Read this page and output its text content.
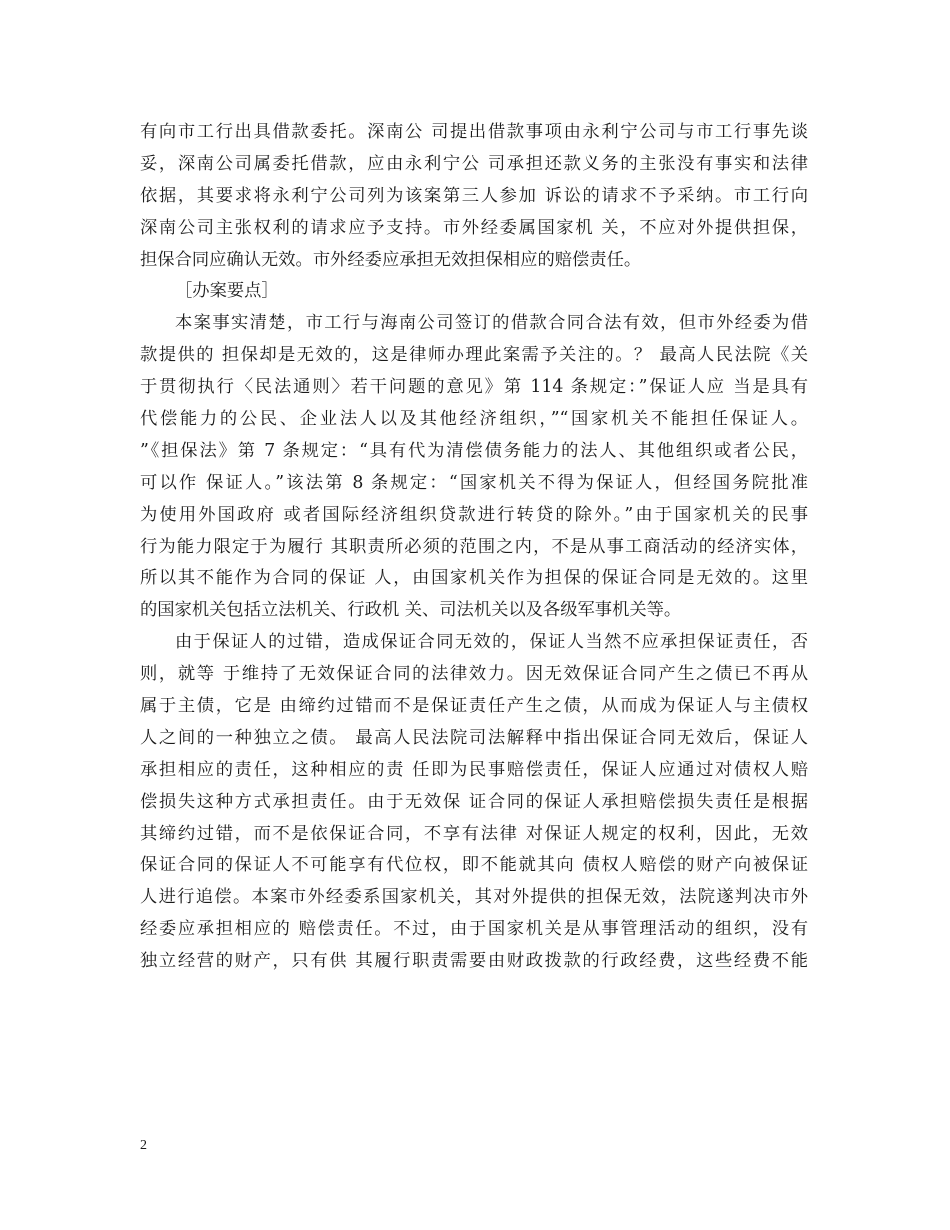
有向市工行出具借款委托。深南公 司提出借款事项由永利宁公司与市工行事先谈
妥，深南公司属委托借款，应由永利宁公 司承担还款义务的主张没有事实和法律
依据，其要求将永利宁公司列为该案第三人参加 诉讼的请求不予采纳。市工行向
深南公司主张权利的请求应予支持。市外经委属国家机 关，不应对外提供担保，
担保合同应确认无效。市外经委应承担无效担保相应的赔偿责任。
［办案要点］
本案事实清楚，市工行与海南公司签订的借款合同合法有效，但市外经委为借
款提供的 担保却是无效的，这是律师办理此案需予关注的。？ 最高人民法院《关
于贯彻执行〈民法通则〉若干问题的意见》第 114 条规定：”保证人应 当是具有
代偿能力的公民、企业法人以及其他经济组织，”“国家机关不能担任保证人。
”《担保法》第 7 条规定：“具有代为清偿债务能力的法人、其他组织或者公民，
可以作 保证人。”该法第 8 条规定：“国家机关不得为保证人，但经国务院批准
为使用外国政府 或者国际经济组织贷款进行转贷的除外。”由于国家机关的民事
行为能力限定于为履行 其职责所必须的范围之内，不是从事工商活动的经济实体，
所以其不能作为合同的保证 人，由国家机关作为担保的保证合同是无效的。这里
的国家机关包括立法机关、行政机 关、司法机关以及各级军事机关等。
由于保证人的过错，造成保证合同无效的，保证人当然不应承担保证责任，否
则，就等 于维持了无效保证合同的法律效力。因无效保证合同产生之债已不再从
属于主债，它是 由缔约过错而不是保证责任产生之债，从而成为保证人与主债权
人之间的一种独立之债。 最高人民法院司法解释中指出保证合同无效后，保证人
承担相应的责任，这种相应的责 任即为民事赔偿责任，保证人应通过对债权人赔
偿损失这种方式承担责任。由于无效保 证合同的保证人承担赔偿损失责任是根据
其缔约过错，而不是依保证合同，不享有法律 对保证人规定的权利，因此，无效
保证合同的保证人不可能享有代位权，即不能就其向 债权人赔偿的财产向被保证
人进行追偿。本案市外经委系国家机关，其对外提供的担保无效，法院遂判决市外
经委应承担相应的 赔偿责任。不过，由于国家机关是从事管理活动的组织，没有
独立经营的财产，只有供 其履行职责需要由财政拨款的行政经费，这些经费不能
2
